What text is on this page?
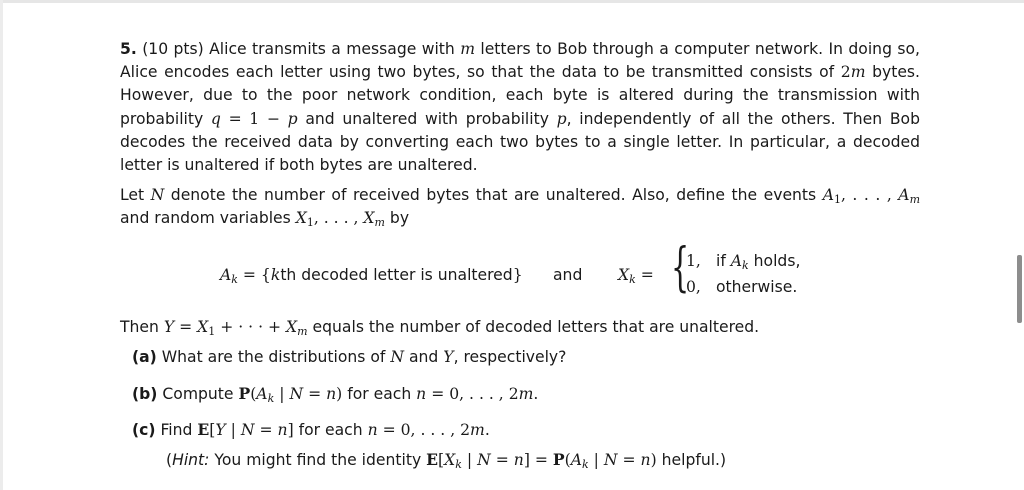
5. (10 pts) Alice transmits a message with m letters to Bob through a computer network. In doing so, Alice encodes each letter using two bytes, so that the data to be transmitted consists of 2m bytes. However, due to the poor network condition, each byte is altered during the transmission with probability q = 1 − p and unaltered with probability p, independently of all the others. Then Bob decodes the received data by converting each two bytes to a single letter. In particular, a decoded letter is unaltered if both bytes are unaltered.

Let N denote the number of received bytes that are unaltered. Also, define the events $A_1$, . . . , $A_m$ and random variables $X_1$, . . . , $X_m$ by

$A_k = \{kth$ decoded letter is unaltered} and $X_k$ = {
1, if $A_k$ holds,
0, otherwise.
Then $Y = X_1$ + · · · + $X_m$ equals the number of decoded letters that are unaltered.
(a) What are the distributions of N and Y, respectively?
(b) Compute $P(A_k$ | N = n) for each n = 0, . . . , 2m.
(c) Find E[Y | N = n] for each n = 0, . . . , 2m.
(Hint: You might find the identity $E[X_k$ | $N = n] = P(A_k$ | N = n) helpful.)
